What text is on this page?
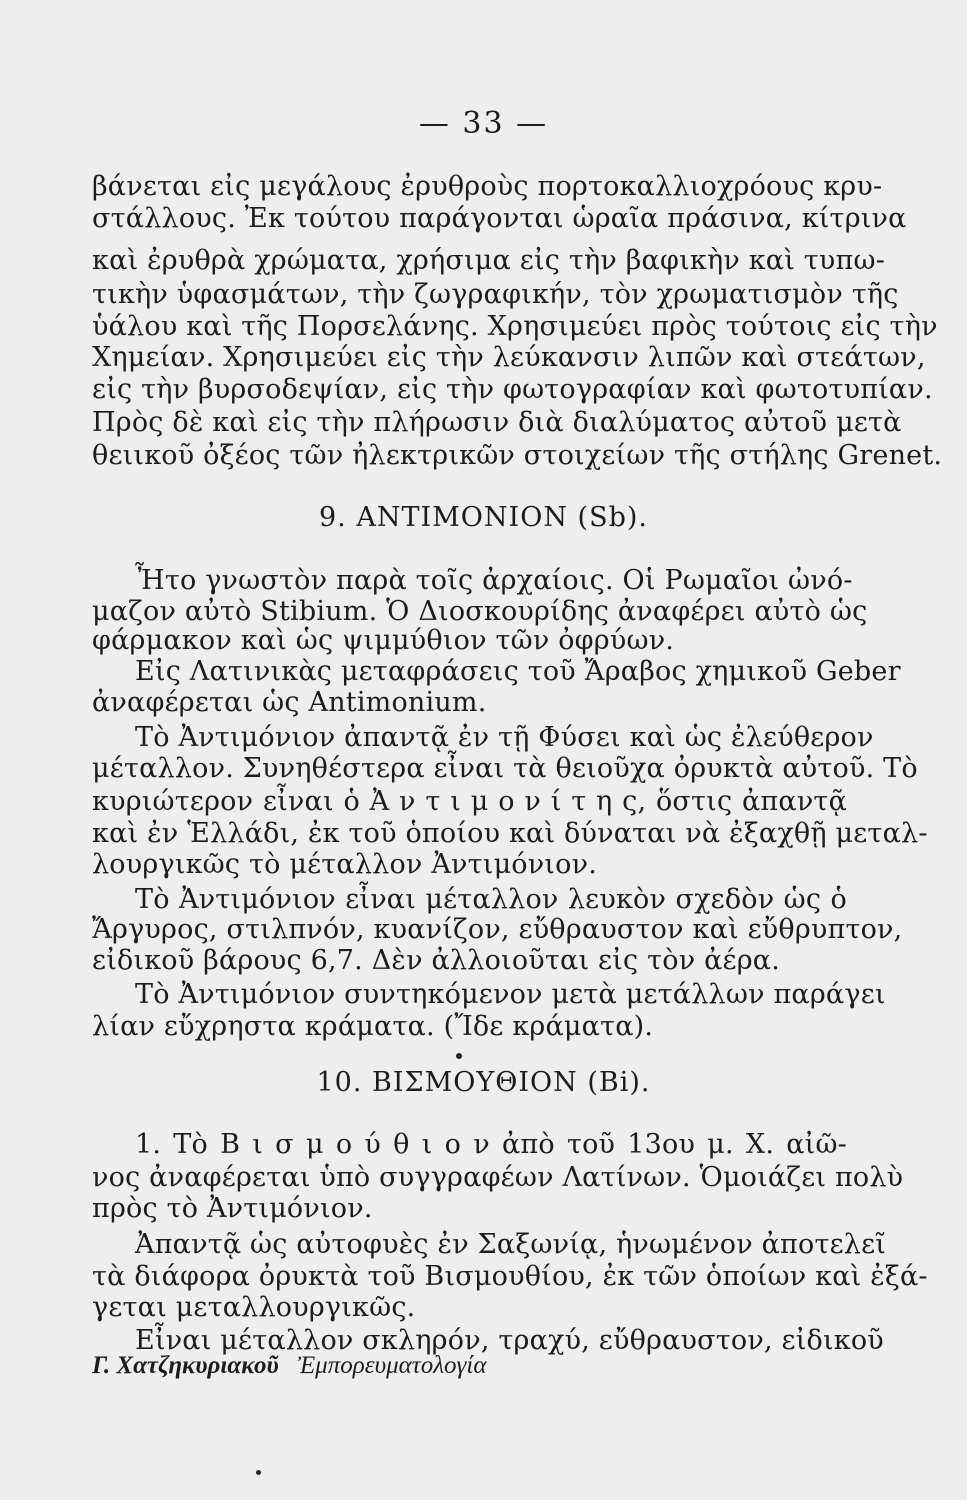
— 33 —
βάνεται εἰς μεγάλους ἐρυθροὺς πορτοκαλλιοχρόους κρυ-
στάλλους. Ἐκ τούτου παράγονται ὡραῖα πράσινα, κίτρινα
καὶ ἐρυθρὰ χρώματα, χρήσιμα εἰς τὴν βαφικὴν καὶ τυπω-
τικὴν ὑφασμάτων, τὴν ζωγραφικήν, τὸν χρωματισμὸν τῆς
ὑάλου καὶ τῆς Πορσελάνης. Χρησιμεύει πρὸς τούτοις εἰς τὴν
Χημείαν. Χρησιμεύει εἰς τὴν λεύκανσιν λιπῶν καὶ στεάτων,
εἰς τὴν βυρσοδεψίαν, εἰς τὴν φωτογραφίαν καὶ φωτοτυπίαν.
Πρὸς δὲ καὶ εἰς τὴν πλήρωσιν διὰ διαλύματος αὐτοῦ μετὰ
θειικοῦ ὀξέος τῶν ἠλεκτρικῶν στοιχείων τῆς στήλης Grenet.
9. ΑΝΤΙΜΟΝΙΟΝ (Sb).
Ἦτο γνωστὸν παρὰ τοῖς ἀρχαίοις. Οἱ Ρωμαῖοι ὠνό-
μαζον αὐτὸ Stibium. Ὁ Διοσκουρίδης ἀναφέρει αὐτὸ ὡς
φάρμακον καὶ ὡς ψιμμύθιον τῶν ὀφρύων.
Εἰς Λατινικὰς μεταφράσεις τοῦ Ἄραβος χημικοῦ Geber
ἀναφέρεται ὡς Antimonium.
Τὸ Ἀντιμόνιον ἀπαντᾷ ἐν τῇ Φύσει καὶ ὡς ἐλεύθερον
μέταλλον. Συνηθέστερα εἶναι τὰ θειοῦχα ὀρυκτὰ αὐτοῦ. Τὸ
κυριώτερον εἶναι ὁ Ἀ ν τ ι μ ο ν ί τ η ς, ὅστις ἀπαντᾷ
καὶ ἐν Ἑλλάδι, ἐκ τοῦ ὁποίου καὶ δύναται νὰ ἐξαχθῇ μεταλ-
λουργικῶς τὸ μέταλλον Ἀντιμόνιον.
Τὸ Ἀντιμόνιον εἶναι μέταλλον λευκὸν σχεδὸν ὡς ὁ
Ἄργυρος, στιλπνόν, κυανίζον, εὔθραυστον καὶ εὔθρυπτον,
εἰδικοῦ βάρους 6,7. Δὲν ἀλλοιοῦται εἰς τὸν ἀέρα.
Τὸ Ἀντιμόνιον συντηκόμενον μετὰ μετάλλων παράγει
λίαν εὔχρηστα κράματα. (Ἴδε κράματα).
10. ΒΙΣΜΟΥΘΙΟΝ (Bi).
1. Τὸ Β ι σ μ ο ύ θ ι ο ν ἀπὸ τοῦ 13ου μ. Χ. αἰῶ-
νος ἀναφέρεται ὑπὸ συγγραφέων Λατίνων. Ὁμοιάζει πολὺ
πρὸς τὸ Ἀντιμόνιον.
Ἀπαντᾷ ὡς αὐτοφυὲς ἐν Σαξωνίᾳ, ἡνωμένον ἀποτελεῖ
τὰ διάφορα ὀρυκτὰ τοῦ Βισμουθίου, ἐκ τῶν ὁποίων καὶ ἐξά-
γεται μεταλλουργικῶς.
Εἶναι μέταλλον σκληρόν, τραχύ, εὔθραυστον, εἰδικοῦ
Γ. Χατζηκυριακοῦ Ἐμπορευματολογία
